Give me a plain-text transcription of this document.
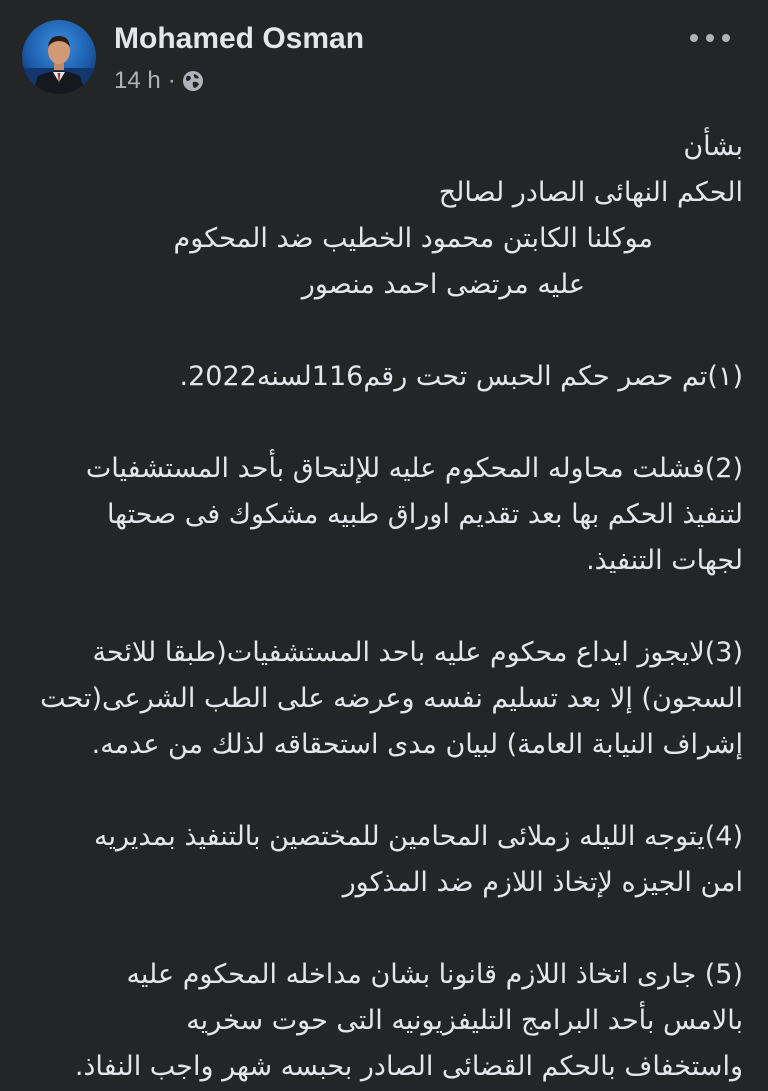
Mohamed Osman
14 h ·
بشأن
الحكم النهائى الصادر لصالح
موكلنا الكابتن محمود الخطيب ضد المحكوم
عليه مرتضى احمد منصور
(١)تم حصر حكم الحبس تحت رقم116لسنه2022.
(2)فشلت محاوله المحكوم عليه للإلتحاق بأحد المستشفيات
لتنفيذ الحكم بها بعد تقديم اوراق طبيه مشكوك فى صحتها
لجهات التنفيذ.
(3)لايجوز ايداع محكوم عليه باحد المستشفيات(طبقا للائحة
السجون) إلا بعد تسليم نفسه وعرضه على الطب الشرعى(تحت
إشراف النيابة العامة) لبيان مدى استحقاقه لذلك من عدمه.
(4)يتوجه الليله زملائى المحامين للمختصين بالتنفيذ بمديريه
امن الجيزه لإتخاذ اللازم ضد المذكور
(5) جارى اتخاذ اللازم قانونا بشان مداخله المحكوم عليه
بالامس بأحد البرامج التليفزيونيه التى حوت سخريه
واستخفاف بالحكم القضائى الصادر بحبسه شهر واجب النفاذ.
